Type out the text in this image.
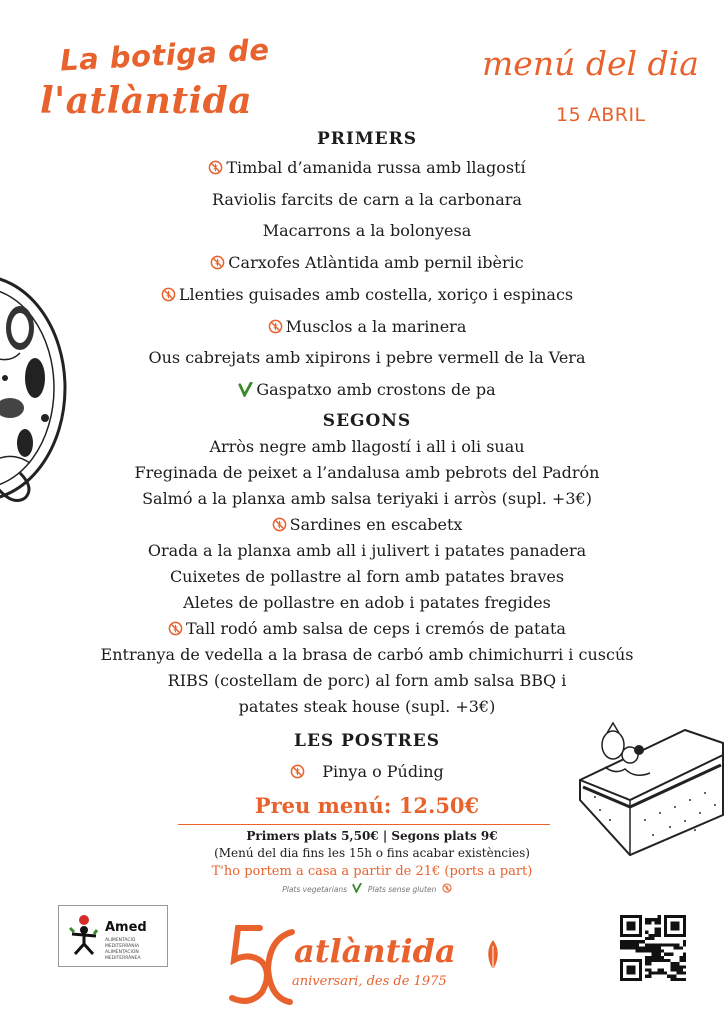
La botiga de
l'atlàntida
menú del dia
15 ABRIL
PRIMERS
Timbal d’amanida russa amb llagostí
Raviolis farcits de carn a la carbonara
Macarrons a la bolonyesa
Carxofes Atlàntida amb pernil ibèric
Llenties guisades amb costella, xoriço i espinacs
Musclos a la marinera
Ous cabrejats amb xipirons i pebre vermell de la Vera
Gaspatxo amb crostons de pa
SEGONS
Arròs negre amb llagostí i all i oli suau
Freginada de peixet a l’andalusa amb pebrots del Padrón
Salmó a la planxa amb salsa teriyaki i arròs (supl. +3€)
Sardines en escabetx
Orada a la planxa amb all i julivert i patates panadera
Cuixetes de pollastre al forn amb patates braves
Aletes de pollastre en adob i patates fregides
Tall rodó amb salsa de ceps i cremós de patata
Entranya de vedella a la brasa de carbó amb chimichurri i cuscús
RIBS (costellam de porc) al forn amb salsa BBQ i
patates steak house (supl. +3€)
LES POSTRES
Pinya o Púding
Preu menú: 12.50€
Primers plats 5,50€ | Segons plats 9€
(Menú del dia fins les 15h o fins acabar existències)
T'ho portem a casa a partir de 21€ (ports a part)
Plats vegetarians	Plats sense gluten
Amed
ALIMENTACIÓ MEDITERRÀNIA ALIMENTACIÓN MEDITERRÁNEA	atlàntida
aniversari, des de 1975
